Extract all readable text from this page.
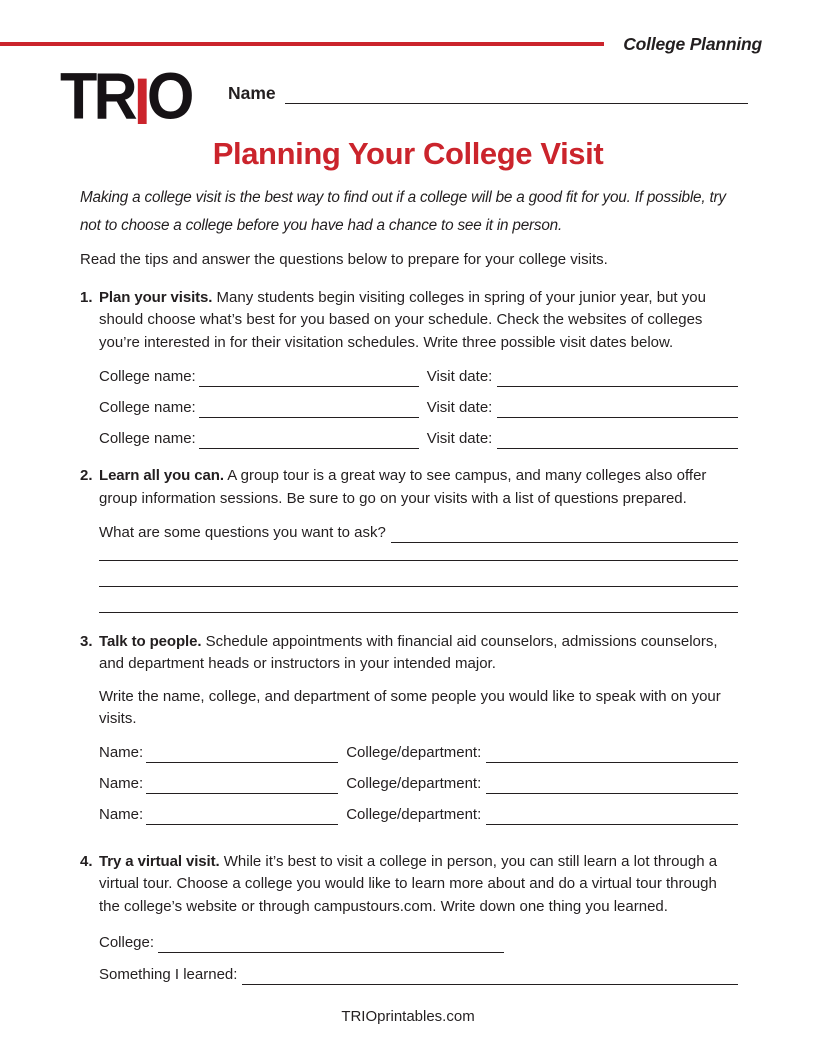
College Planning
TRIO Name
Planning Your College Visit

Making a college visit is the best way to find out if a college will be a good fit for you. If possible, try not to choose a college before you have had a chance to see it in person.

Read the tips and answer the questions below to prepare for your college visits.

1. Plan your visits. Many students begin visiting colleges in spring of your junior year, but you should choose what’s best for you based on your schedule. Check the websites of colleges you’re interested in for their visitation schedules. Write three possible visit dates below.

College name:	Visit date:
College name:	Visit date:
College name:	Visit date:
2. Learn all you can. A group tour is a great way to see campus, and many colleges also offer group information sessions. Be sure to go on your visits with a list of questions prepared.

What are some questions you want to ask?
3. Talk to people. Schedule appointments with financial aid counselors, admissions counselors, and department heads or instructors in your intended major.

Write the name, college, and department of some people you would like to speak with on your visits.

Name:	College/department:
Name:	College/department:
Name:	College/department:
4. Try a virtual visit. While it’s best to visit a college in person, you can still learn a lot through a virtual tour. Choose a college you would like to learn more about and do a virtual tour through the college’s website or through campustours.com. Write down one thing you learned.

College:
Something I learned:
TRIOprintables.com
